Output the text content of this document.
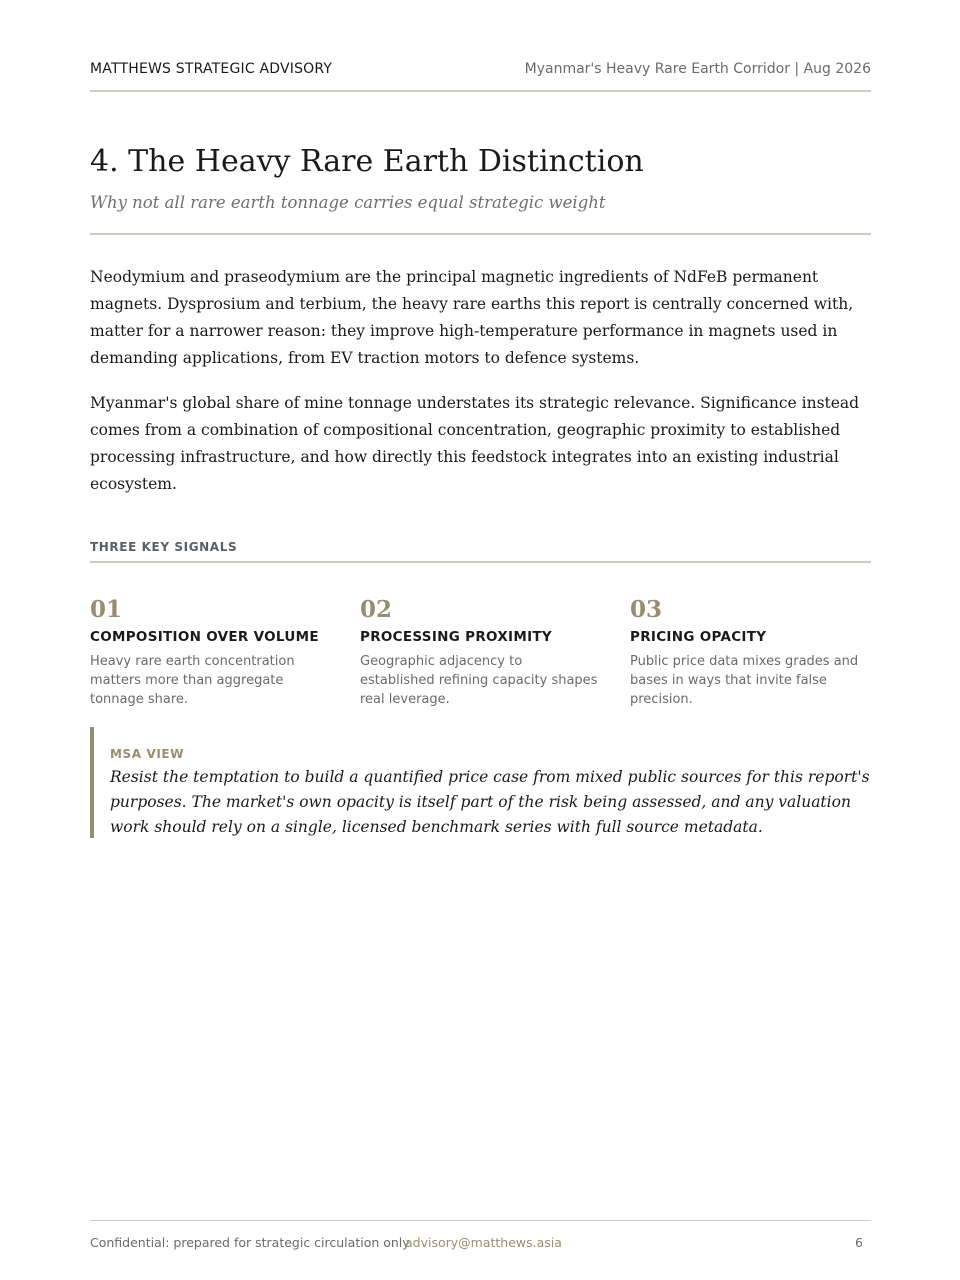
MATTHEWS STRATEGIC ADVISORY	Myanmar's Heavy Rare Earth Corridor | Aug 2026
4. The Heavy Rare Earth Distinction
Why not all rare earth tonnage carries equal strategic weight

Neodymium and praseodymium are the principal magnetic ingredients of NdFeB permanent magnets. Dysprosium and terbium, the heavy rare earths this report is centrally concerned with, matter for a narrower reason: they improve high-temperature performance in magnets used in demanding applications, from EV traction motors to defence systems.

Myanmar's global share of mine tonnage understates its strategic relevance. Significance instead comes from a combination of compositional concentration, geographic proximity to established processing infrastructure, and how directly this feedstock integrates into an existing industrial ecosystem.

THREE KEY SIGNALS
01
COMPOSITION OVER VOLUME
Heavy rare earth concentration matters more than aggregate tonnage share.
02
PROCESSING PROXIMITY
Geographic adjacency to established refining capacity shapes real leverage.
03
PRICING OPACITY
Public price data mixes grades and bases in ways that invite false precision.
MSA VIEW
Resist the temptation to build a quantified price case from mixed public sources for this report's purposes. The market's own opacity is itself part of the risk being assessed, and any valuation work should rely on a single, licensed benchmark series with full source metadata.
Confidential: prepared for strategic circulation only
advisory@matthews.asia	6
